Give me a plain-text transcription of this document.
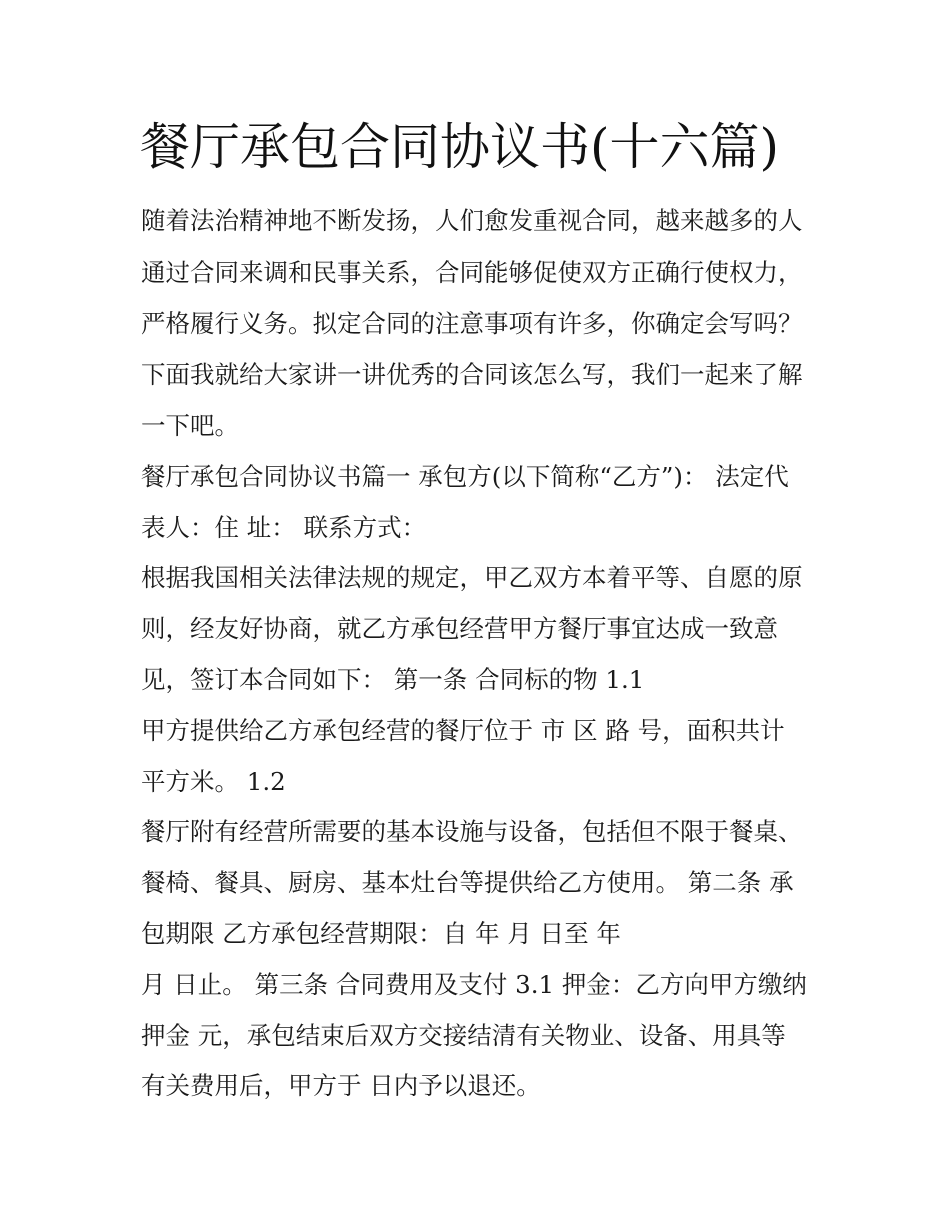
餐厅承包合同协议书(十六篇)

随着法治精神地不断发扬，人们愈发重视合同，越来越多的人

通过合同来调和民事关系，合同能够促使双方正确行使权力，

严格履行义务。拟定合同的注意事项有许多，你确定会写吗？

下面我就给大家讲一讲优秀的合同该怎么写，我们一起来了解

一下吧。

餐厅承包合同协议书篇一 承包方(以下简称“乙方”)： 法定代

表人：住 址： 联系方式：

根据我国相关法律法规的规定，甲乙双方本着平等、自愿的原

则，经友好协商，就乙方承包经营甲方餐厅事宜达成一致意

见，签订本合同如下： 第一条 合同标的物 1.1

甲方提供给乙方承包经营的餐厅位于 市 区 路 号，面积共计

平方米。 1.2

餐厅附有经营所需要的基本设施与设备，包括但不限于餐桌、

餐椅、餐具、厨房、基本灶台等提供给乙方使用。 第二条 承

包期限 乙方承包经营期限：自 年 月 日至 年

月 日止。 第三条 合同费用及支付 3.1 押金：乙方向甲方缴纳

押金 元，承包结束后双方交接结清有关物业、设备、用具等

有关费用后，甲方于 日内予以退还。
